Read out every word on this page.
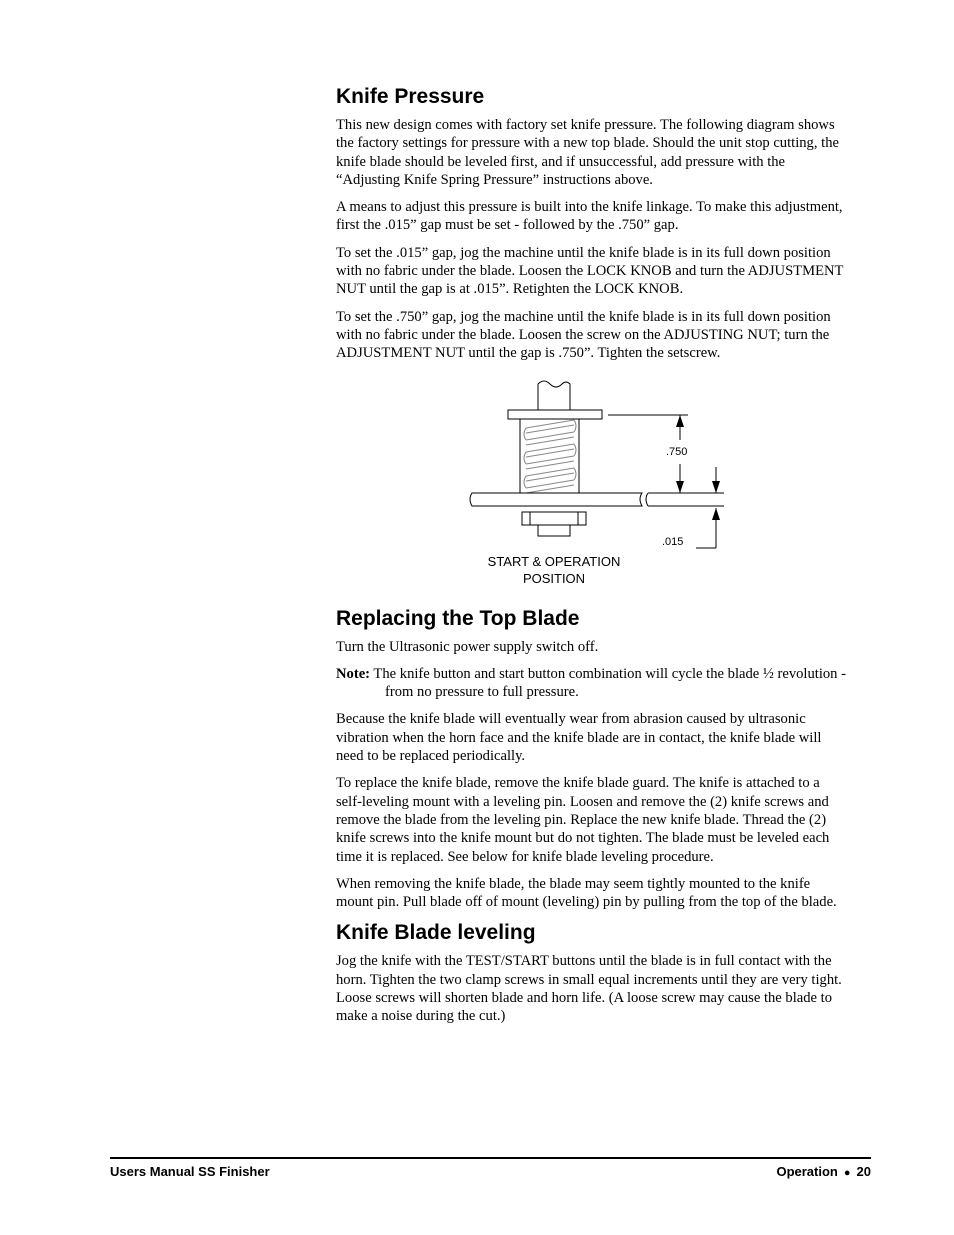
Knife Pressure

This new design comes with factory set knife pressure. The following diagram shows the factory settings for pressure with a new top blade. Should the unit stop cutting, the knife blade should be leveled first, and if unsuccessful, add pressure with the “Adjusting Knife Spring Pressure” instructions above.

A means to adjust this pressure is built into the knife linkage. To make this adjustment, first the .015” gap must be set - followed by the .750” gap.

To set the .015” gap, jog the machine until the knife blade is in its full down position with no fabric under the blade. Loosen the LOCK KNOB and turn the ADJUSTMENT NUT until the gap is at .015”. Retighten the LOCK KNOB.

To set the .750” gap, jog the machine until the knife blade is in its full down position with no fabric under the blade. Loosen the screw on the ADJUSTING NUT; turn the ADJUSTMENT NUT until the gap is .750”. Tighten the setscrew.

.750
.015
START & OPERATION
POSITION
Replacing the Top Blade

Turn the Ultrasonic power supply switch off.

Note: The knife button and start button combination will cycle the blade ½ revolution - from no pressure to full pressure.

Because the knife blade will eventually wear from abrasion caused by ultrasonic vibration when the horn face and the knife blade are in contact, the knife blade will need to be replaced periodically.

To replace the knife blade, remove the knife blade guard. The knife is attached to a self-leveling mount with a leveling pin. Loosen and remove the (2) knife screws and remove the blade from the leveling pin. Replace the new knife blade. Thread the (2) knife screws into the knife mount but do not tighten. The blade must be leveled each time it is replaced. See below for knife blade leveling procedure.

When removing the knife blade, the blade may seem tightly mounted to the knife mount pin. Pull blade off of mount (leveling) pin by pulling from the top of the blade.

Knife Blade leveling

Jog the knife with the TEST/START buttons until the blade is in full contact with the horn. Tighten the two clamp screws in small equal increments until they are very tight. Loose screws will shorten blade and horn life. (A loose screw may cause the blade to make a noise during the cut.)

Users Manual SS Finisher	Operation ● 20
